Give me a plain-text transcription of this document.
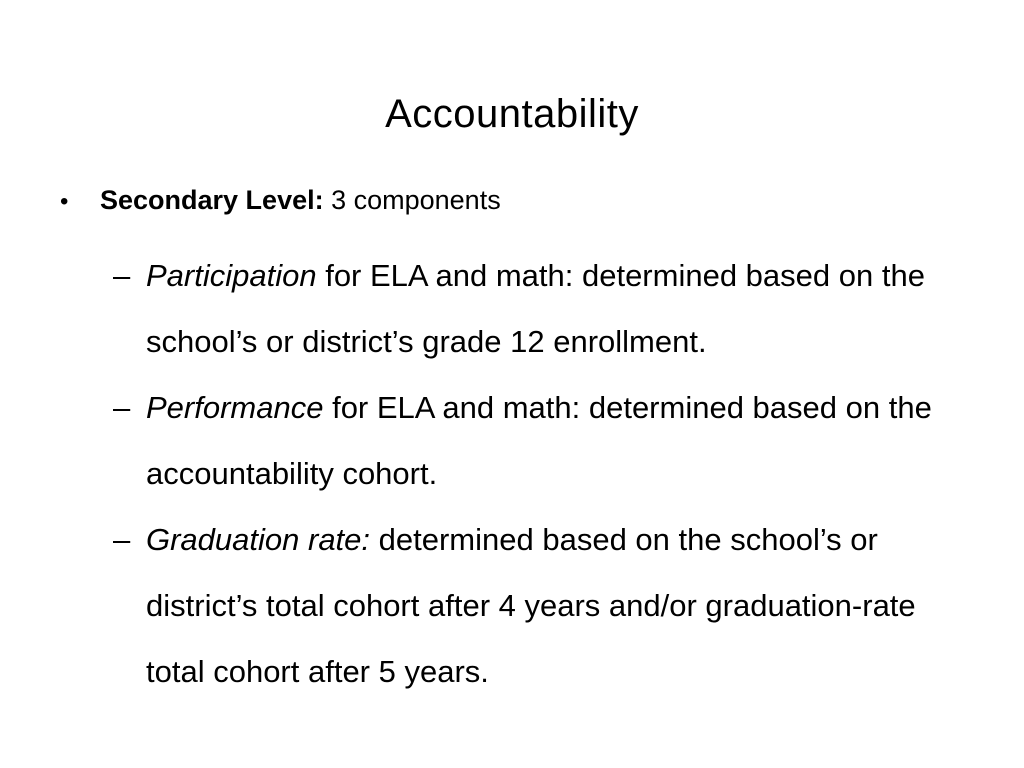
Accountability
•	Secondary Level: 3 components
– Participation for ELA and math: determined based on the school’s or district’s grade 12 enrollment.
– Performance for ELA and math: determined based on the accountability cohort.
– Graduation rate: determined based on the school’s or district’s total cohort after 4 years and/or graduation-rate total cohort after 5 years.
